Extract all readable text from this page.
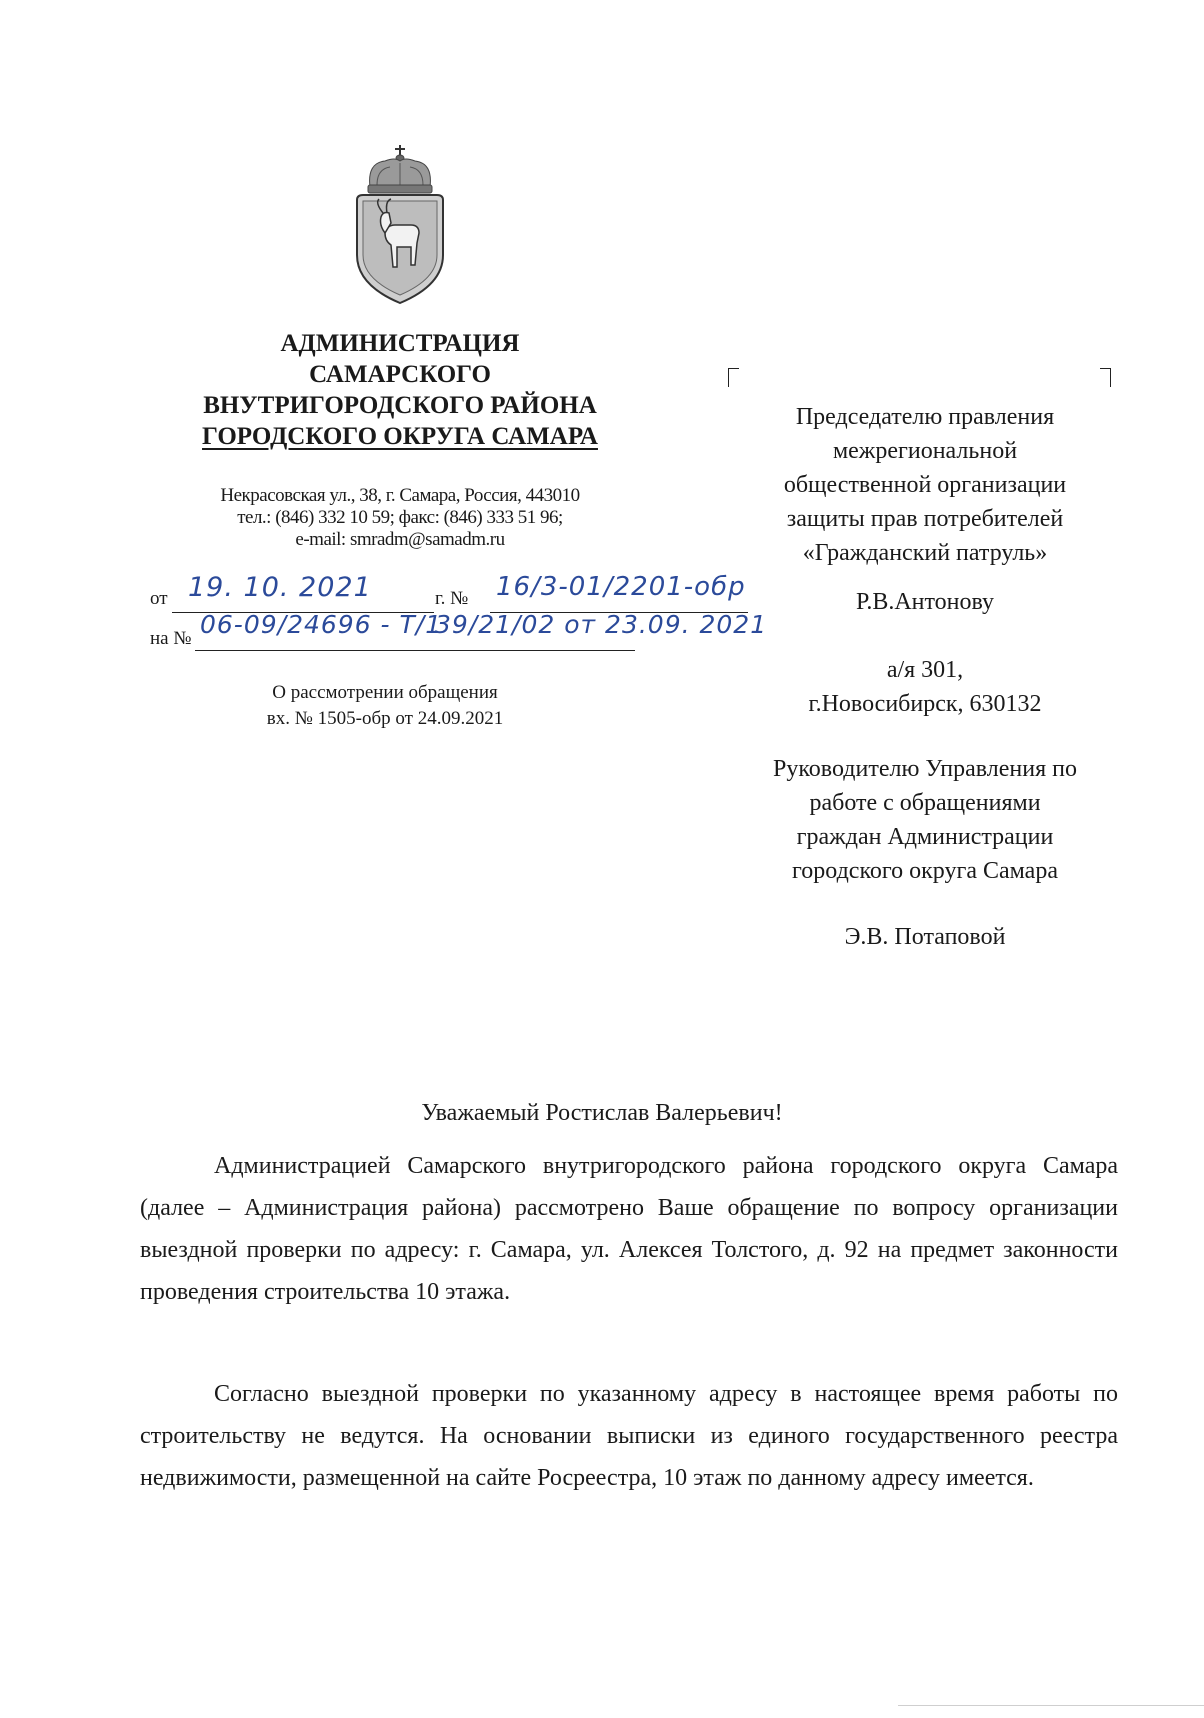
АДМИНИСТРАЦИЯ
САМАРСКОГО
ВНУТРИГОРОДСКОГО РАЙОНА
ГОРОДСКОГО ОКРУГА САМАРА
Некрасовская ул., 38, г. Самара, Россия, 443010
тел.: (846) 332 10 59; факс: (846) 333 51 96;
e-mail: smradm@samadm.ru
от 19. 10. 2021	г. № 16/3-01/2201-обр
на № 06-09/24696 - Т/1
39/21/02 от 23.09. 2021
О рассмотрении обращения
вх. № 1505-обр от 24.09.2021
Председателю правления
межрегиональной
общественной организации
защиты прав потребителей
«Гражданский патруль»
Р.В.Антонову
а/я 301,
г.Новосибирск, 630132
Руководителю Управления по
работе с обращениями
граждан Администрации
городского округа Самара
Э.В. Потаповой
Уважаемый Ростислав Валерьевич!

Администрацией Самарского внутригородского района городского округа Самара (далее – Администрация района) рассмотрено Ваше обращение по вопросу организации выездной проверки по адресу: г. Самара, ул. Алексея Толстого, д. 92 на предмет законности проведения строительства 10 этажа.

Согласно выездной проверки по указанному адресу в настоящее время работы по строительству не ведутся. На основании выписки из единого государственного реестра недвижимости, размещенной на сайте Росреестра, 10 этаж по данному адресу имеется.
